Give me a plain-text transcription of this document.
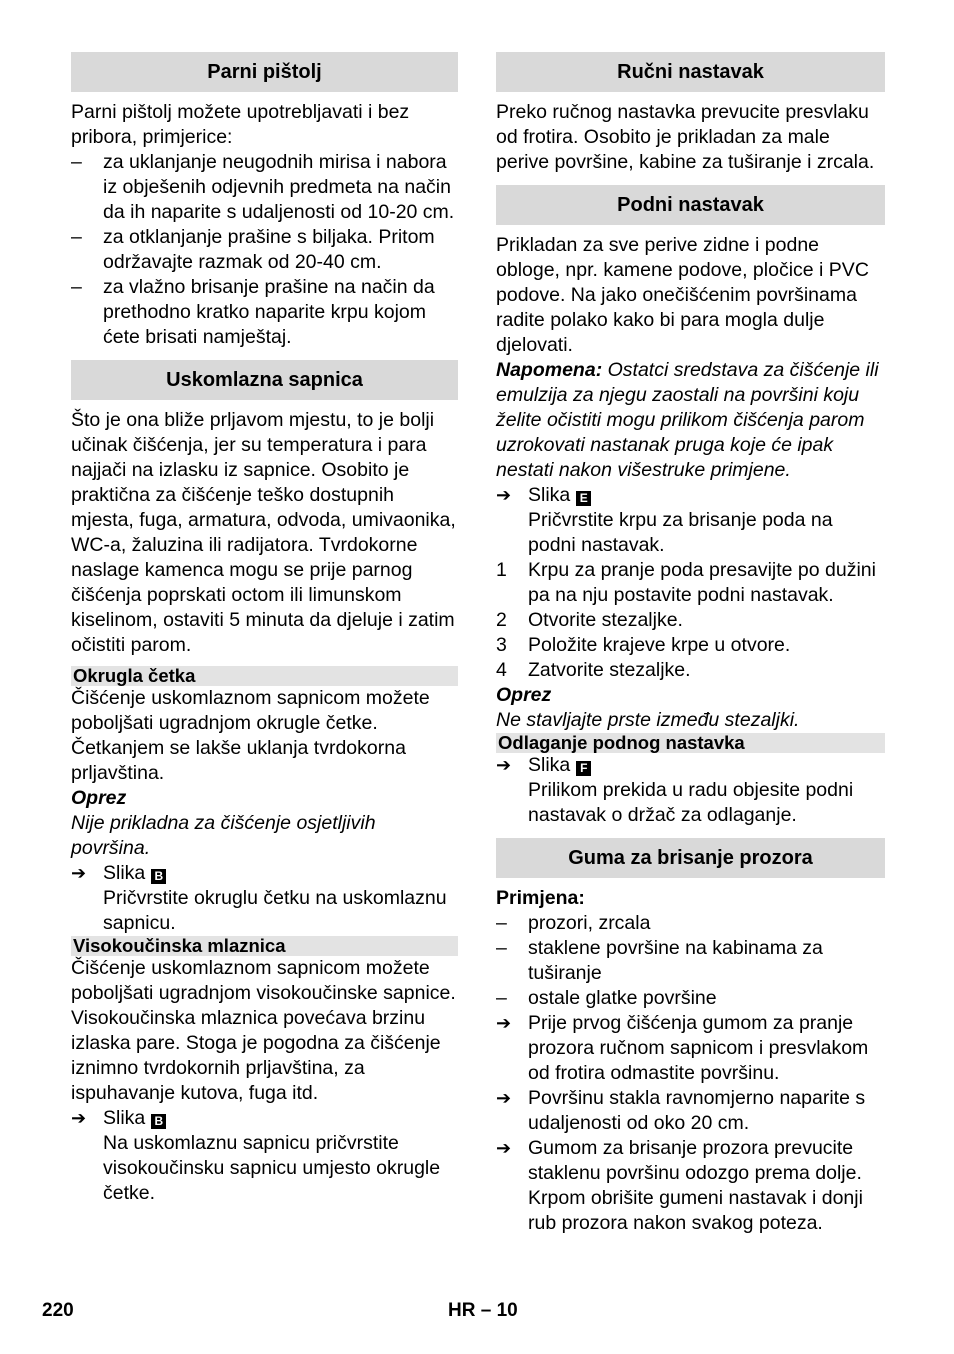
Parni pištolj

Parni pištolj možete upotrebljavati i bez pribora, primjerice:

–	za uklanjanje neugodnih mirisa i nabora iz obješenih odjevnih predmeta na način da ih naparite s udaljenosti od 10-20 cm.
–	za otklanjanje prašine s biljaka. Pritom održavajte razmak od 20-40 cm.
–	za vlažno brisanje prašine na način da prethodno kratko naparite krpu kojom ćete brisati namještaj.
Uskomlazna sapnica

Što je ona bliže prljavom mjestu, to je bolji učinak čišćenja, jer su temperatura i para najjači na izlasku iz sapnice. Osobito je praktična za čišćenje teško dostupnih mjesta, fuga, armatura, odvoda, umivaonika, WC-a, žaluzina ili radijatora. Tvrdokorne naslage kamenca mogu se prije parnog čišćenja poprskati octom ili limunskom kiselinom, ostaviti 5 minuta da djeluje i zatim očistiti parom.

Okrugla četka

Čišćenje uskomlaznom sapnicom možete poboljšati ugradnjom okrugle četke. Četkanjem se lakše uklanja tvrdokorna prljavština.

Oprez

Nije prikladna za čišćenje osjetljivih površina.

➔ Slika B

Pričvrstite okruglu četku na uskomlaznu sapnicu.

Visokoučinska mlaznica

Čišćenje uskomlaznom sapnicom možete poboljšati ugradnjom visokoučinske sapnice.

Visokoučinska mlaznica povećava brzinu izlaska pare. Stoga je pogodna za čišćenje iznimno tvrdokornih prljavština, za ispuhavanje kutova, fuga itd.

➔ Slika B

Na uskomlaznu sapnicu pričvrstite visokoučinsku sapnicu umjesto okrugle četke.

Ručni nastavak

Preko ručnog nastavka prevucite presvlaku od frotira. Osobito je prikladan za male perive površine, kabine za tuširanje i zrcala.

Podni nastavak

Prikladan za sve perive zidne i podne obloge, npr. kamene podove, pločice i PVC podove. Na jako onečišćenim površinama radite polako kako bi para mogla dulje djelovati.

Napomena: Ostatci sredstava za čišćenje ili emulzija za njegu zaostali na površini koju želite očistiti mogu prilikom čišćenja parom uzrokovati nastanak pruga koje će ipak nestati nakon višestruke primjene.

➔ Slika E

Pričvrstite krpu za brisanje poda na podni nastavak.

1	Krpu za pranje poda presavijte po dužini pa na nju postavite podni nastavak.
2	Otvorite stezaljke.
3	Položite krajeve krpe u otvore.
4	Zatvorite stezaljke.

Oprez

Ne stavljajte prste između stezaljki.

Odlaganje podnog nastavka
➔ Slika F

Prilikom prekida u radu objesite podni nastavak o držač za odlaganje.

Guma za brisanje prozora

Primjena:

–	prozori, zrcala
–	staklene površine na kabinama za tuširanje
–	ostale glatke površine
➔ Prije prvog čišćenja gumom za pranje prozora ručnom sapnicom i presvlakom od frotira odmastite površinu.
➔ Površinu stakla ravnomjerno naparite s udaljenosti od oko 20 cm.
➔ Gumom za brisanje prozora prevucite staklenu površinu odozgo prema dolje. Krpom obrišite gumeni nastavak i donji rub prozora nakon svakog poteza.
220	HR – 10
